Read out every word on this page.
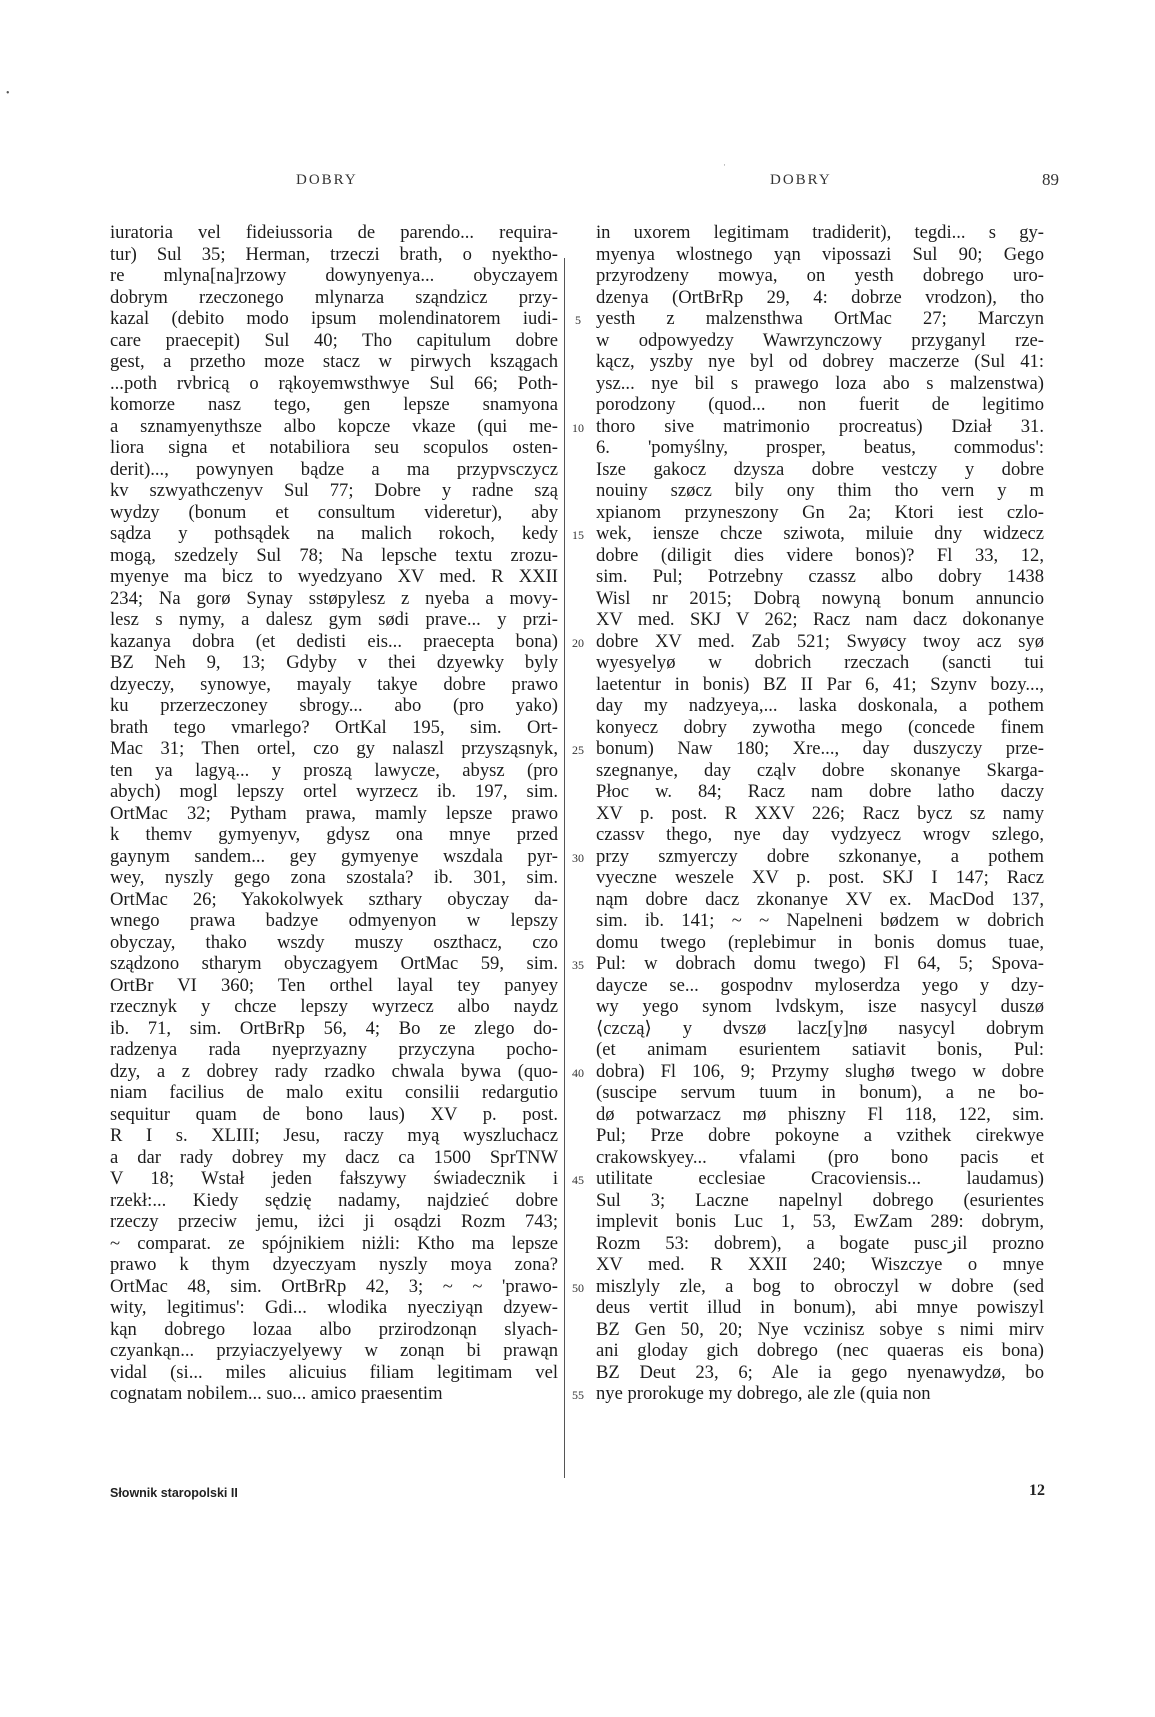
•
·
DOBRY	DOBRY	89
iuratoria vel fideiussoria de parendo... requira-
tur) Sul 35; Herman, trzeczi brath, o nyektho-
re mlyna[na]rzowy dowynyenya... obyczayem
dobrym rzeczonego mlynarza sząndzicz przy-
kazal (debito modo ipsum molendinatorem iudi-
care praecepit) Sul 40; Tho capitulum dobre
gest, a przetho moze stacz w pirwych kszągach
...poth rvbricą o rąkoyemwsthwye Sul 66; Poth-
komorze nasz tego, gen lepsze snamyona
a sznamyenythsze albo kopcze vkaze (qui me-
liora signa et notabiliora seu scopulos osten-
derit)..., powynyen bądze a ma przypvsczycz
kv szwyathczenyv Sul 77; Dobre y radne szą
wydzy (bonum et consultum videretur), aby
sądza y pothsądek na malich rokoch, kedy
mogą, szedzely Sul 78; Na lepsche textu zrozu-
myenye ma bicz to wyedzyano XV med. R XXII
234; Na gorø Synay sstøpylesz z nyeba a movy-
lesz s nymy, a dalesz gym sødi prave... y przi-
kazanya dobra (et dedisti eis... praecepta bona)
BZ Neh 9, 13; Gdyby v thei dzyewky byly
dzyeczy, synowye, mayaly takye dobre prawo
ku przerzeczoney sbrogy... abo (pro yako)
brath tego vmarlego? OrtKal 195, sim. Ort-
Mac 31; Then ortel, czo gy nalaszl przysząsnyk,
ten ya lagyą... y proszą lawycze, abysz (pro
abych) mogl lepszy ortel wyrzecz ib. 197, sim.
OrtMac 32; Pytham prawa, mamly lepsze prawo
k themv gymyenyv, gdysz ona mnye przed
gaynym sandem... gey gymyenye wszdala pyr-
wey, nyszly gego zona szostala? ib. 301, sim.
OrtMac 26; Yakokolwyek szthary obyczay da-
wnego prawa badzye odmyenyon w lepszy
obyczay, thako wszdy muszy oszthacz, czo
sządzono stharym obyczagyem OrtMac 59, sim.
OrtBr VI 360; Ten orthel layal tey panyey
rzecznyk y chcze lepszy wyrzecz albo naydz
ib. 71, sim. OrtBrRp 56, 4; Bo ze zlego do-
radzenya rada nyeprzyazny przyczyna pocho-
dzy, a z dobrey rady rzadko chwala bywa (quo-
niam facilius de malo exitu consilii redargutio
sequitur quam de bono laus) XV p. post.
R I s. XLIII; Jesu, raczy myą wyszluchacz
a dar rady dobrey my dacz ca 1500 SprTNW
V 18; Wstał jeden fałszywy świadecznik i
rzekł:... Kiedy sędzię nadamy, najdzieć dobre
rzeczy przeciw jemu, iżci ji osądzi Rozm 743;
~ comparat. ze spójnikiem niżli: Ktho ma lepsze
prawo k thym dzyeczyam nyszly moya zona?
OrtMac 48, sim. OrtBrRp 42, 3; ~ ~ 'prawo-
wity, legitimus': Gdi... wlodika nyecziyąn dzyew-
kąn dobrego lozaa albo przirodzonąn slyach-
czyankąn... przyiaczyelyewy w zonąn bi prawąn
vidal (si... miles alicuius filiam legitimam vel
cognatam nobilem... suo... amico praesentim
5
10
15
20
25
30
35
40
45
50
55
in uxorem legitimam tradiderit), tegdi... s gy-
myenya wlostnego yąn vipossazi Sul 90; Gego
przyrodzeny mowya, on yesth dobrego uro-
dzenya (OrtBrRp 29, 4: dobrze vrodzon), tho
yesth z malzensthwa OrtMac 27; Marczyn
w odpowyedzy Wawrzynczowy przyganyl rze-
kącz, yszby nye byl od dobrey maczerze (Sul 41:
ysz... nye bil s prawego loza abo s malzenstwa)
porodzony (quod... non fuerit de legitimo
thoro sive matrimonio procreatus) Dział 31.
6. 'pomyślny, prosper, beatus, commodus':
Isze gakocz dzysza dobre vestczy y dobre
nouiny szøcz bily ony thim tho vern y m
xpianom przyneszony Gn 2a; Ktori iest czlo-
wek, iensze chcze sziwota, miluie dny widzecz
dobre (diligit dies videre bonos)? Fl 33, 12,
sim. Pul; Potrzebny czassz albo dobry 1438
Wisl nr 2015; Dobrą nowyną bonum annuncio
XV med. SKJ V 262; Racz nam dacz dokonanye
dobre XV med. Zab 521; Swyøcy twoy acz syø
wyesyelyø w dobrich rzeczach (sancti tui
laetentur in bonis) BZ II Par 6, 41; Szynv bozy...,
day my nadzyeya,... laska doskonala, a pothem
konyecz dobry zywotha mego (concede finem
bonum) Naw 180; Xre..., day duszyczy prze-
szegnanye, day cząlv dobre skonanye Skarga-
Płoc w. 84; Racz nam dobre latho daczy
XV p. post. R XXV 226; Racz bycz sz namy
czassv thego, nye day vydzyecz wrogv szlego,
przy szmyerczy dobre szkonanye, a pothem
vyeczne weszele XV p. post. SKJ I 147; Racz
nąm dobre dacz zkonanye XV ex. MacDod 137,
sim. ib. 141; ~ ~ Napelneni bødzem w dobrich
domu twego (replebimur in bonis domus tuae,
Pul: w dobrach domu twego) Fl 64, 5; Spova-
daycze se... gospodnv myloserdza yego y dzy-
wy yego synom lvdskym, isze nasycyl duszø
⟨czczą⟩ y dvszø lacz[y]nø nasycyl dobrym
(et animam esurientem satiavit bonis, Pul:
dobra) Fl 106, 9; Przymy slughø twego w dobre
(suscipe servum tuum in bonum), a ne bo-
dø potwarzacz mø phiszny Fl 118, 122, sim.
Pul; Prze dobre pokoyne a vzithek cirekwye
crakowskyey... vfalami (pro bono pacis et
utilitate ecclesiae Cracoviensis... laudamus)
Sul 3; Laczne napelnyl dobrego (esurientes
implevit bonis Luc 1, 53, EwZam 289: dobrym,
Rozm 53: dobrem), a bogate puscزil prozno
XV med. R XXII 240; Wiszczye o mnye
miszlyly zle, a bog to obroczyl w dobre (sed
deus vertit illud in bonum), abi mnye powiszyl
BZ Gen 50, 20; Nye vczinisz sobye s nimi mirv
ani glоday gich dobrego (nec quaeras eis bona)
BZ Deut 23, 6; Ale ia gego nyenawydzø, bo
nye prorokuge my dobrego, ale zle (quia non
Słownik staropolski II	12
